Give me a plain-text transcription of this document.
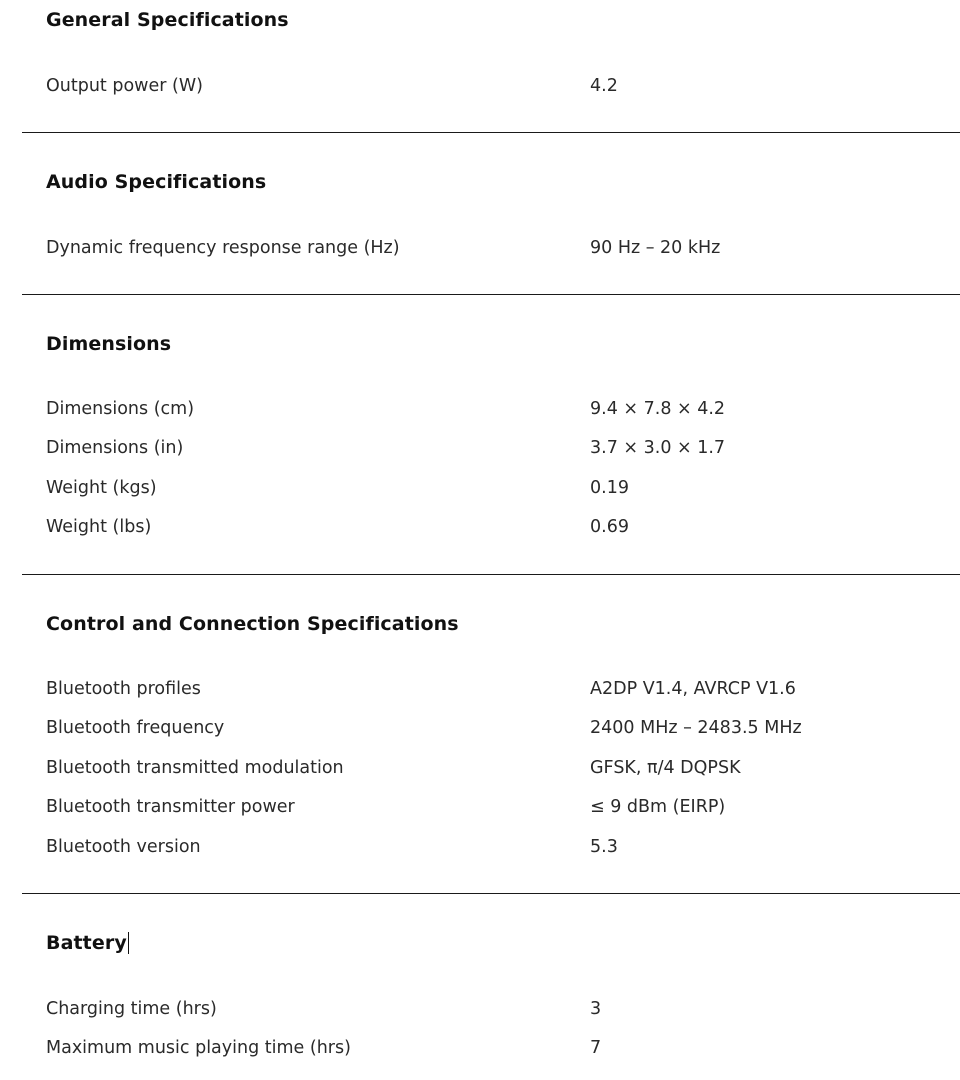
General Specifications
Output power (W)	4.2
Audio Specifications
Dynamic frequency response range (Hz)	90 Hz – 20 kHz
Dimensions
Dimensions (cm)	9.4 × 7.8 × 4.2
Dimensions (in)	3.7 × 3.0 × 1.7
Weight (kgs)	0.19
Weight (lbs)	0.69
Control and Connection Specifications
Bluetooth profiles	A2DP V1.4, AVRCP V1.6
Bluetooth frequency	2400 MHz – 2483.5 MHz
Bluetooth transmitted modulation	GFSK, π/4 DQPSK
Bluetooth transmitter power	≤ 9 dBm (EIRP)
Bluetooth version	5.3
Battery
Charging time (hrs)	3
Maximum music playing time (hrs)	7
